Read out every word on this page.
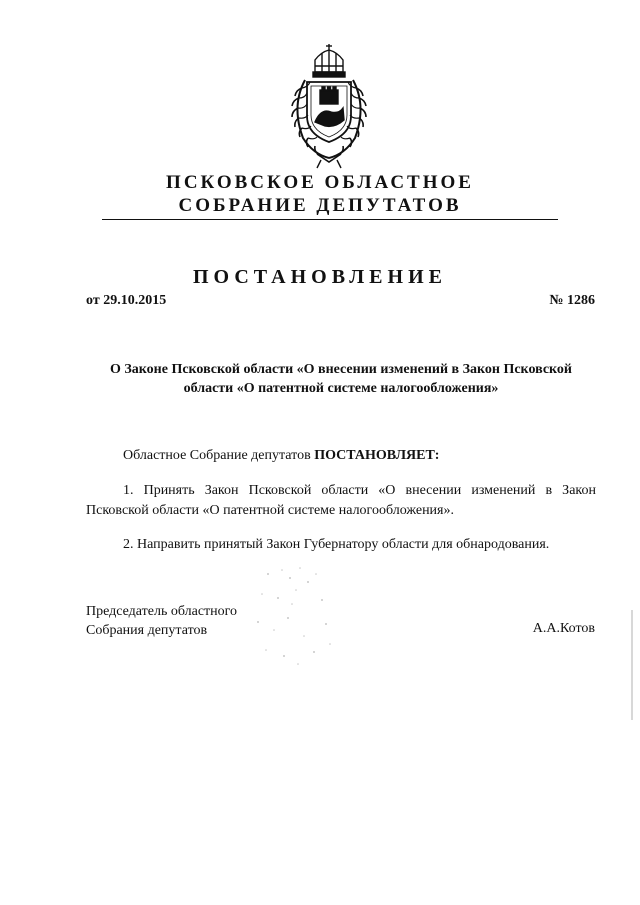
ПСКОВСКОЕ ОБЛАСТНОЕ
СОБРАНИЕ ДЕПУТАТОВ
ПОСТАНОВЛЕНИЕ
от 29.10.2015	№ 1286
О Законе Псковской области «О внесении изменений в Закон Псковской области «О патентной системе налогообложения»
Областное Собрание депутатов ПОСТАНОВЛЯЕТ:
1. Принять Закон Псковской области «О внесении изменений в Закон Псковской области «О патентной системе налогообложения».
2. Направить принятый Закон Губернатору области для обнародования.
Председатель областного
Собрания депутатов	А.А.Котов
